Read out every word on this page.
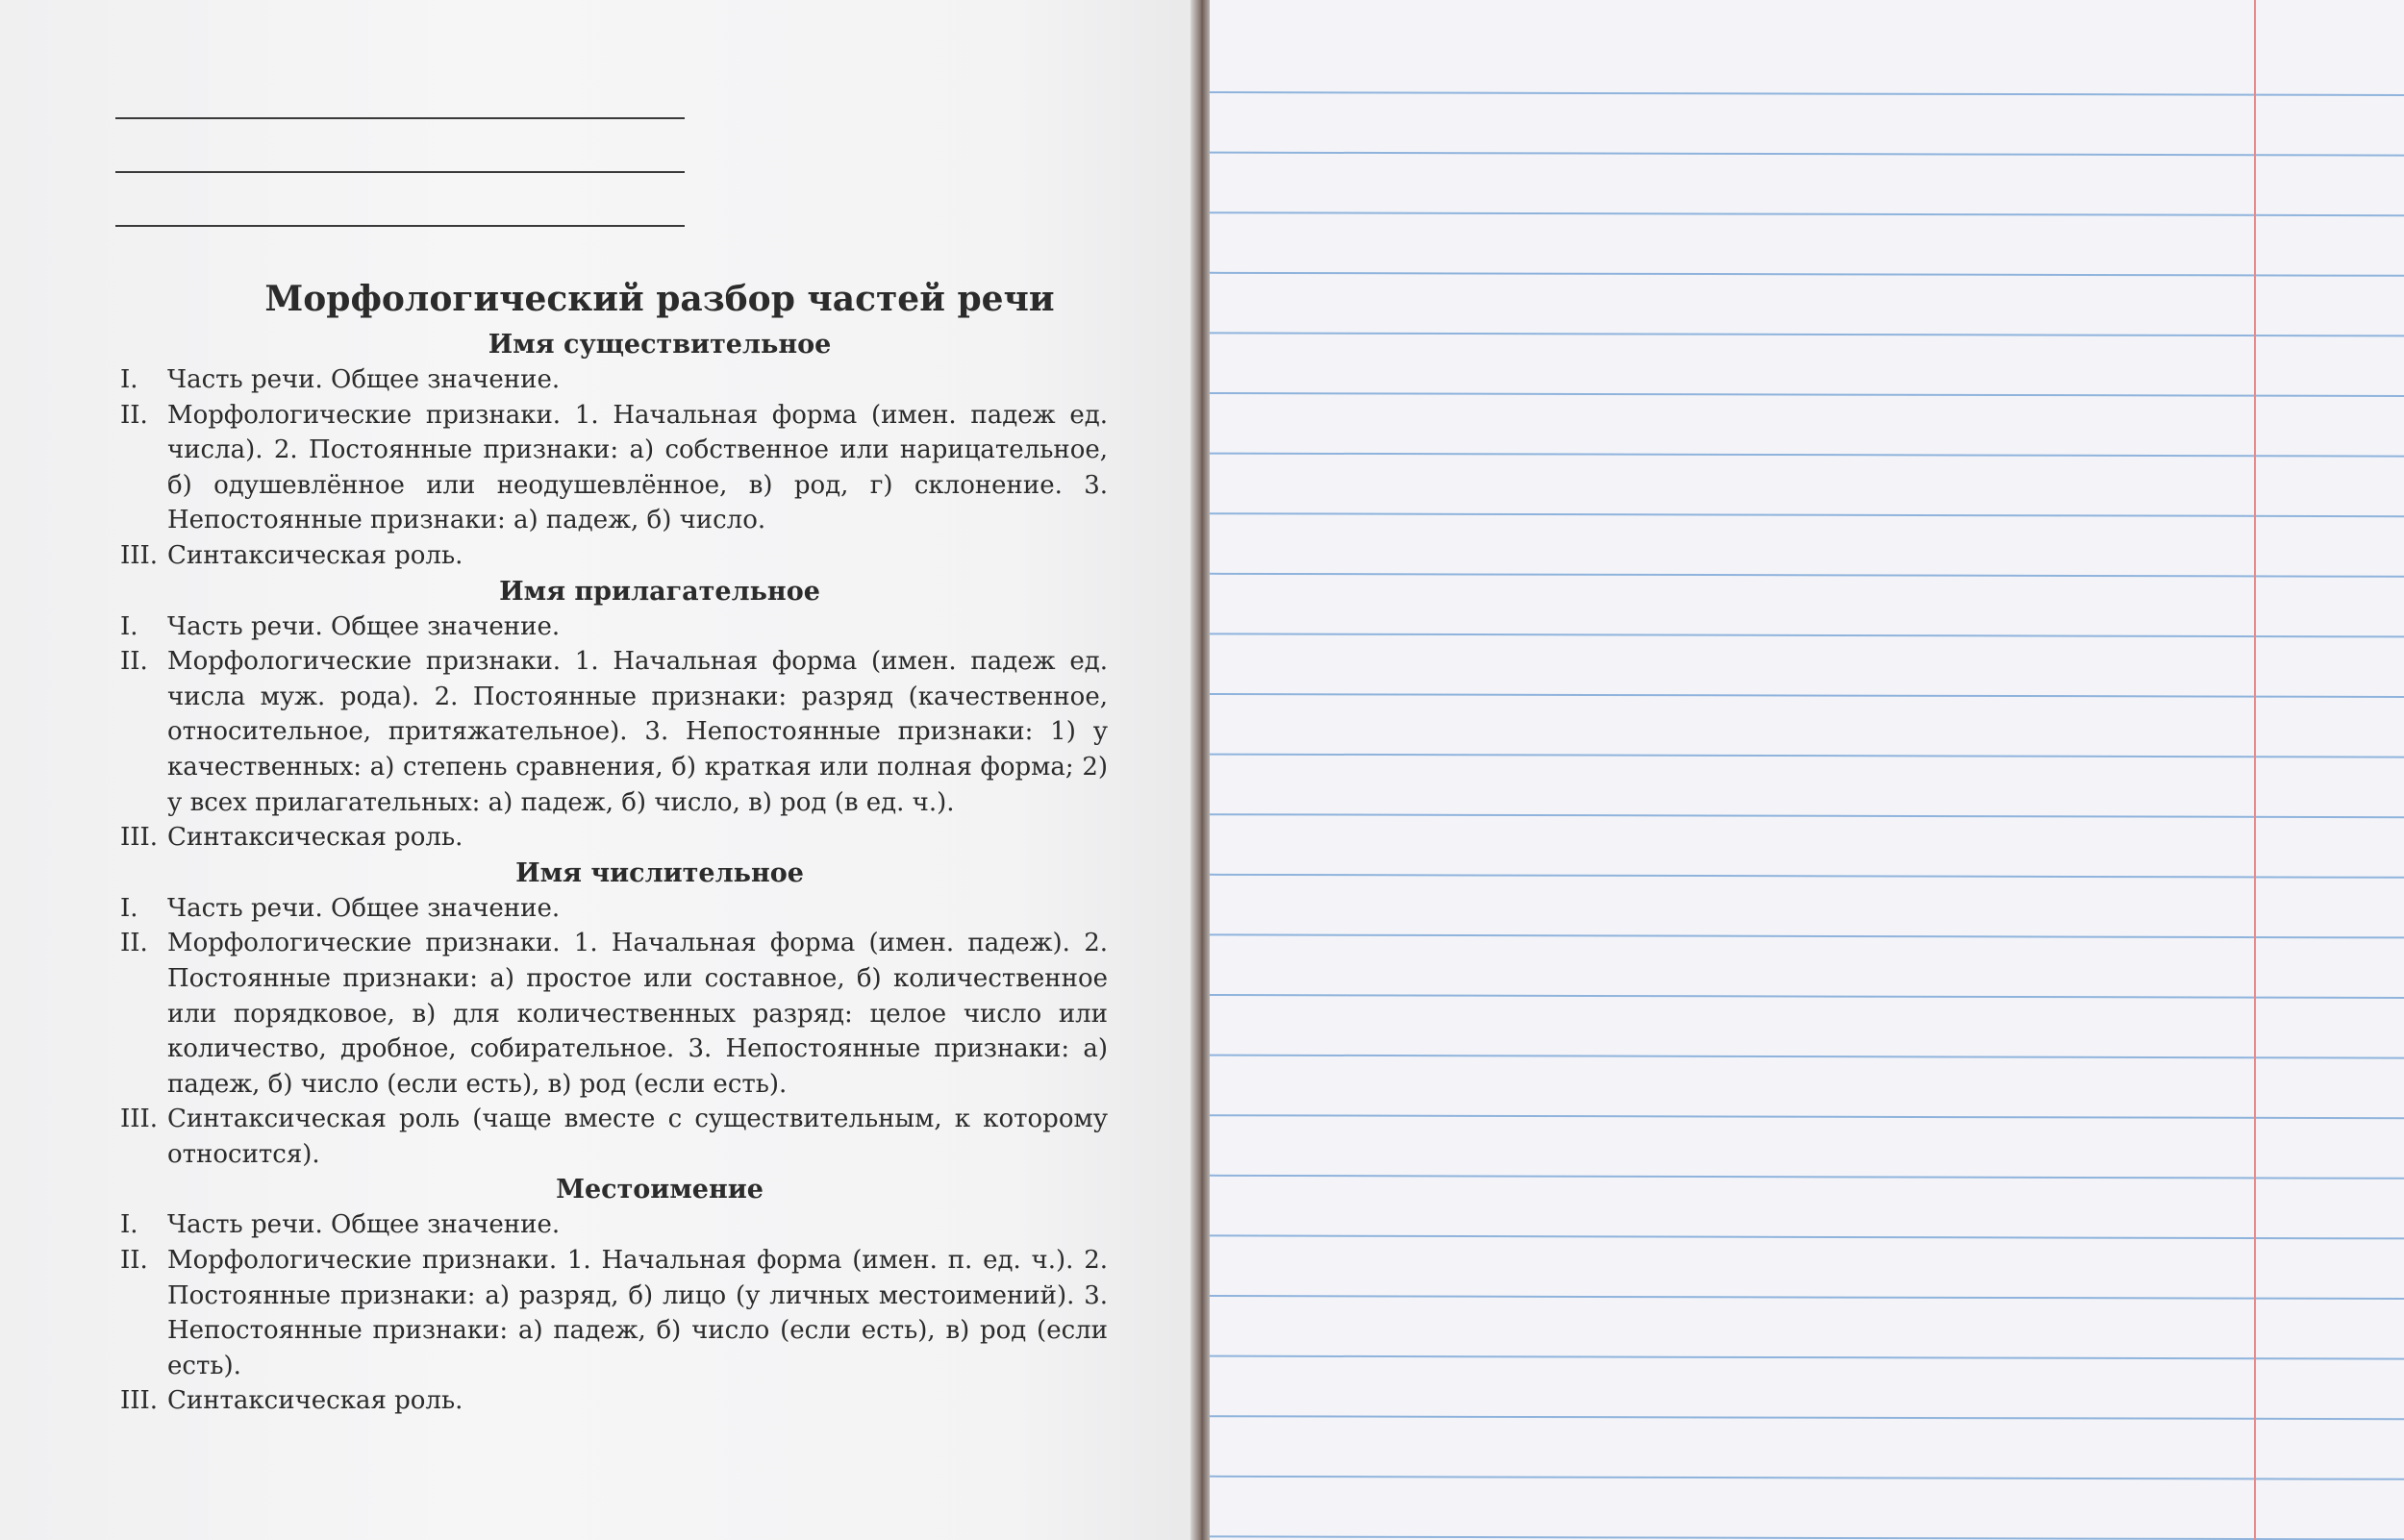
Морфологический разбор частей речи
Имя существительное
I. Часть речи. Общее значение.
II. Морфологические признаки. 1. Начальная форма (имен. падеж ед. числа). 2. Постоянные признаки: а) собственное или нарицательное, б) одушевлённое или неодушевлённое, в) род, г) склонение. 3. Непостоянные признаки: а) падеж, б) число.
III. Синтаксическая роль.
Имя прилагательное
I. Часть речи. Общее значение.
II. Морфологические признаки. 1. Начальная форма (имен. падеж ед. числа муж. рода). 2. Постоянные признаки: разряд (качественное, относительное, притяжательное). 3. Непостоянные признаки: 1) у качественных: а) степень сравнения, б) краткая или полная форма; 2) у всех прилагательных: а) падеж, б) число, в) род (в ед. ч.).
III. Синтаксическая роль.
Имя числительное
I. Часть речи. Общее значение.
II. Морфологические признаки. 1. Начальная форма (имен. падеж). 2. Постоянные признаки: а) простое или составное, б) количественное или порядковое, в) для количественных разряд: целое число или количество, дробное, собирательное. 3. Непостоянные признаки: а) падеж, б) число (если есть), в) род (если есть).
III. Синтаксическая роль (чаще вместе с существительным, к которому относится).
Местоимение
I. Часть речи. Общее значение.
II. Морфологические признаки. 1. Начальная форма (имен. п. ед. ч.). 2. Постоянные признаки: а) разряд, б) лицо (у личных местоимений). 3. Непостоянные признаки: а) падеж, б) число (если есть), в) род (если есть).
III. Синтаксическая роль.
